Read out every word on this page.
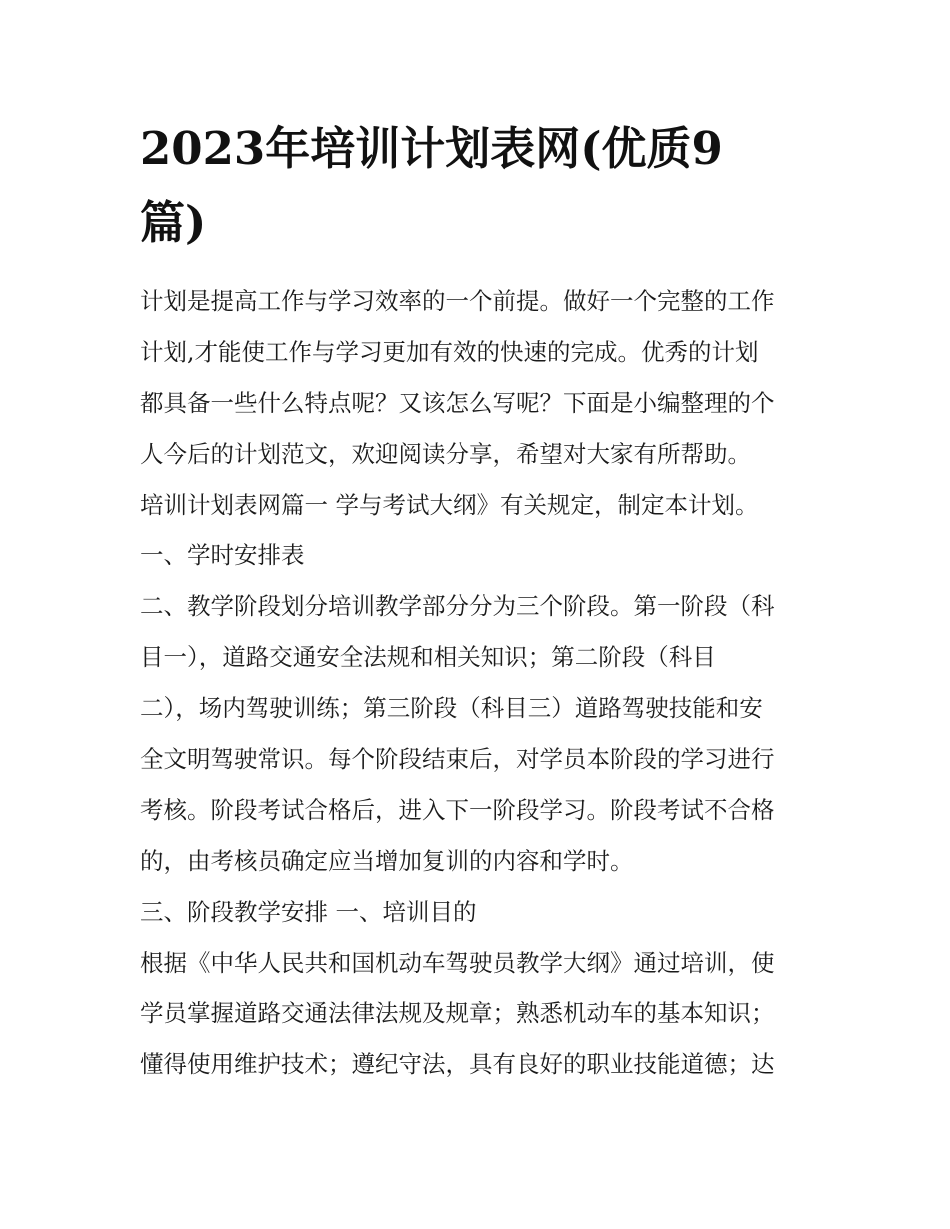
2023年培训计划表网(优质9
篇)

计划是提高工作与学习效率的一个前提。做好一个完整的工作

计划,才能使工作与学习更加有效的快速的完成。优秀的计划

都具备一些什么特点呢？又该怎么写呢？下面是小编整理的个

人今后的计划范文，欢迎阅读分享，希望对大家有所帮助。

培训计划表网篇一 学与考试大纲》有关规定，制定本计划。

一、学时安排表

二、教学阶段划分培训教学部分分为三个阶段。第一阶段（科

目一），道路交通安全法规和相关知识；第二阶段（科目

二），场内驾驶训练；第三阶段（科目三）道路驾驶技能和安

全文明驾驶常识。每个阶段结束后，对学员本阶段的学习进行

考核。阶段考试合格后，进入下一阶段学习。阶段考试不合格

的，由考核员确定应当增加复训的内容和学时。

三、阶段教学安排 一、培训目的

根据《中华人民共和国机动车驾驶员教学大纲》通过培训，使

学员掌握道路交通法律法规及规章；熟悉机动车的基本知识；

懂得使用维护技术；遵纪守法，具有良好的职业技能道德；达
